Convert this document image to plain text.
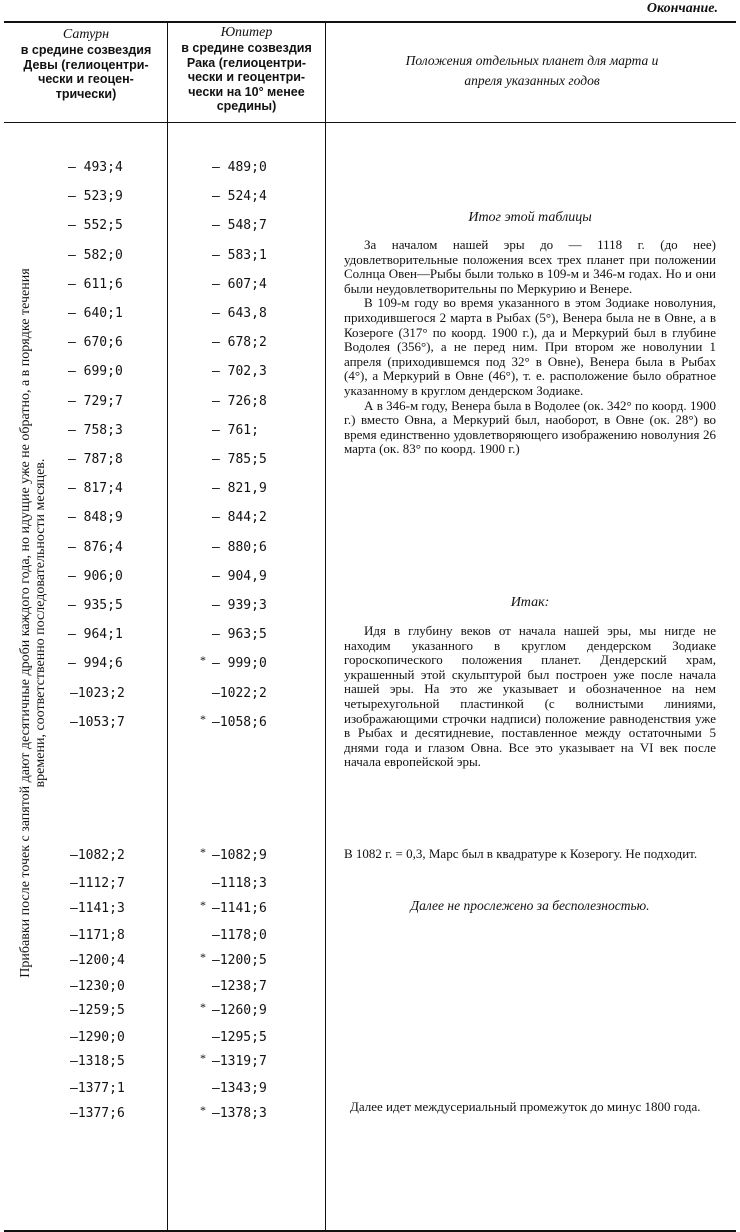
Окончание.
Сатурн
в средине созвездия
Девы (гелиоцентри-
чески и геоцен-
трически)
Юпитер
в средине созвездия
Рака (гелиоцентри-
чески и геоцентри-
чески на 10° менее
средины)
Положения отдельных планет для марта и
апреля указанных годов
Прибавки после точек с запятой дают десятичные дроби каждого года, но идущие уже не обратно, а в порядке течения времени, соответственно последовательности месяцев.
— 493;4	— 489;0
— 523;9	— 524;4
— 552;5	— 548;7
— 582;0	— 583;1
— 611;6	— 607;4
— 640;1	— 643,8
— 670;6	— 678;2
— 699;0	— 702,3
— 729;7	— 726;8
— 758;3	— 761;
— 787;8	— 785;5
— 817;4	— 821,9
— 848;9	— 844;2
— 876;4	— 880;6
— 906;0	— 904,9
— 935;5	— 939;3
— 964;1	— 963;5
— 994;6	— 999;0
*
—1023;2	—1022;2
—1053;7	—1058;6
*
—1082;2	—1082;9
*
—1112;7	—1118;3
—1141;3	—1141;6
*
—1171;8	—1178;0
—1200;4	—1200;5
*
—1230;0	—1238;7
—1259;5	—1260;9
*
—1290;0	—1295;5
—1318;5	—1319;7
*
—1377;1	—1343;9
—1377;6	—1378;3
*
Итог этой таблицы

За началом нашей эры до — 1118 г. (до нее) удовлетворительные положения всех трех планет при положении Солнца Овен—Рыбы были только в 109-м и 346-м годах. Но и они были неудовлетворительны по Меркурию и Венере.

В 109-м году во время указанного в этом Зодиаке новолуния, приходившегося 2 марта в Рыбах (5°), Венера была не в Овне, а в Козероге (317° по коорд. 1900 г.), да и Меркурий был в глубине Водолея (356°), а не перед ним. При втором же новолунии 1 апреля (приходившемся под 32° в Овне), Венера была в Рыбах (4°), а Меркурий в Овне (46°), т. е. расположение было обратное указанному в круглом дендерском Зодиаке.

А в 346-м году, Венера была в Водолее (ок. 342° по коорд. 1900 г.) вместо Овна, а Меркурий был, наоборот, в Овне (ок. 28°) во время единственно удовлетворяющего изображению новолуния 26 марта (ок. 83° по коорд. 1900 г.)

Итак:

Идя в глубину веков от начала нашей эры, мы нигде не находим указанного в круглом дендерском Зодиаке гороскопического положения планет. Дендерский храм, украшенный этой скульптурой был построен уже после начала нашей эры. На это же указывает и обозначенное на нем четырехугольной пластинкой (с волнистыми линиями, изображающими строчки надписи) положение равноденствия уже в Рыбах и десятидневие, поставленное между остаточными 5 днями года и глазом Овна. Все это указывает на VI век после начала европейской эры.

В 1082 г. = 0,3, Марс был в квадратуре к Козерогу. Не подходит.

Далее не прослежено за бесполезностью.

Далее идет междусериальный промежуток до минус 1800 года.
